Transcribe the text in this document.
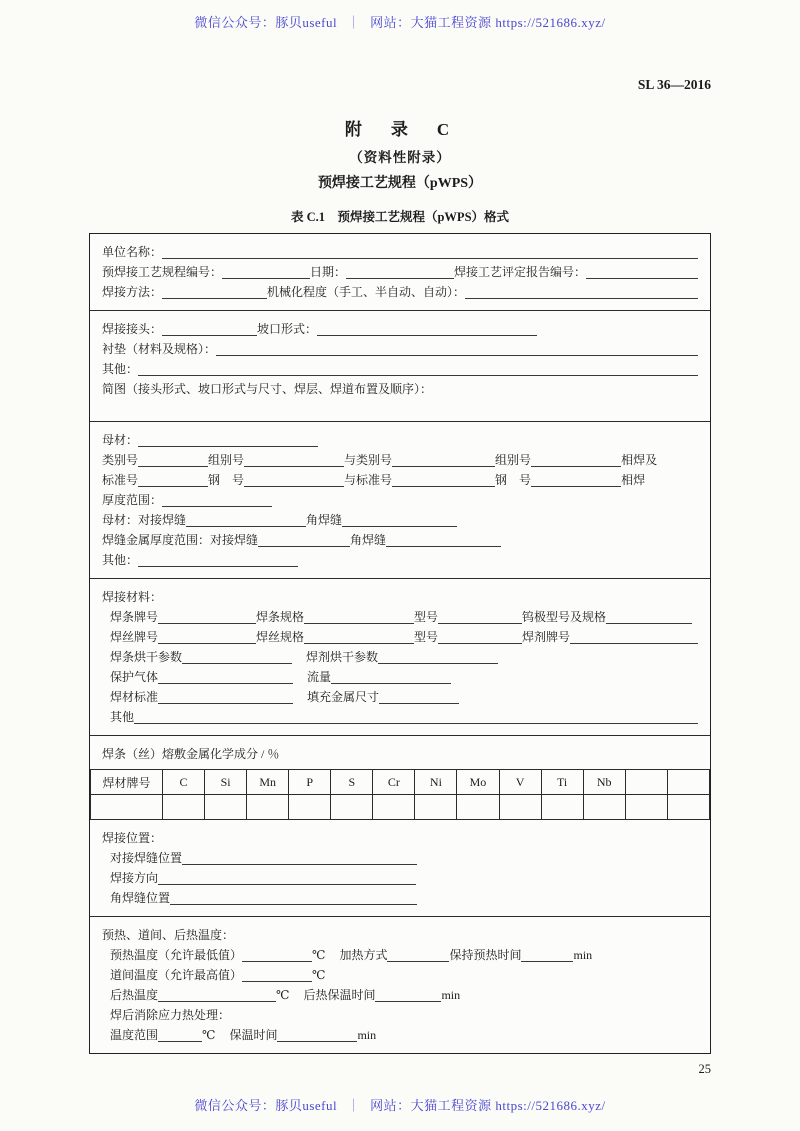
微信公众号：豚贝useful ｜ 网站：大猫工程资源 https://521686.xyz/
SL 36—2016
附　录　C
（资料性附录）
预焊接工艺规程（pWPS）
表 C.1　预焊接工艺规程（pWPS）格式
单位名称：
预焊接工艺规程编号：	日期：	焊接工艺评定报告编号：
焊接方法：	机械化程度（手工、半自动、自动）：
焊接接头：	坡口形式：
衬垫（材料及规格）：
其他：
简图（接头形式、坡口形式与尺寸、焊层、焊道布置及顺序）：
母材：
类别号	组别号	与类别号	组别号	相焊及
标准号	钢　号	与标准号	钢　号	相焊
厚度范围：
母材：对接焊缝	角焊缝
焊缝金属厚度范围：对接焊缝	角焊缝
其他：
焊接材料：
焊条牌号	焊条规格	型号	钨极型号及规格
焊丝牌号	焊丝规格	型号	焊剂牌号
焊条烘干参数	焊剂烘干参数
保护气体	流量
焊材标准	填充金属尺寸
其他
焊条（丝）熔敷金属化学成分 / ％
焊材牌号	C	Si	Mn	P	S	Cr	Ni	Mo	V	Ti	Nb		

焊接位置：
对接焊缝位置
焊接方向
角焊缝位置
预热、道间、后热温度：
预热温度（允许最低值）	℃ 加热方式	保持预热时间	min
道间温度（允许最高值）	℃
后热温度	℃ 后热保温时间	min
焊后消除应力热处理：
温度范围	℃ 保温时间	min
25
微信公众号：豚贝useful ｜ 网站：大猫工程资源 https://521686.xyz/
